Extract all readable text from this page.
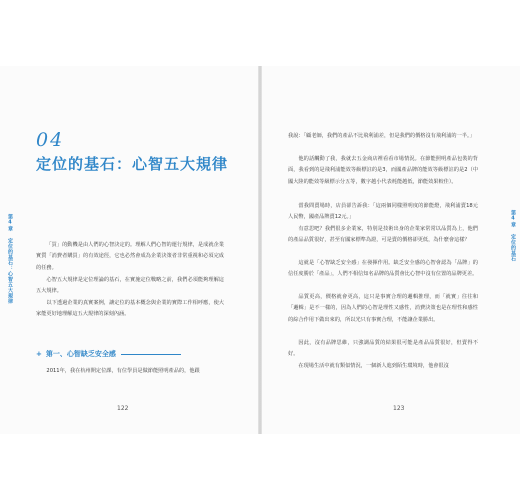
第4章 定位的基石：心智五大規律
04
定位的基石：心智五大規律

「買」的動機是由人們的心智決定的。理解人們心智的運行規律，是成就企業實質「消費者購買」的有效途徑，它也必然會成為企業決策者非常重視和必須完成的任務。

心智五大規律是定位理論的基石，在實施定位戰略之前，我們必須能夠理解這五大規律。

以下透過企業的真實案例，讓定位的基本概念與企業的實際工作相呼應，使大家能更好地理解這五大規律的深刻內涵。

+ 第一、心智缺乏安全感

2011年，我在杭州開定位課，有位學員是做節能照明產品的，他跟

122
第4章 定位的基石

我說：「顧老師，我們的產品不比飛利浦差，但是我們的價格沒有飛利浦的一半。」

他的話觸動了我，我就去五金商店裡看看市場情況。在節能照明產品包裝的背面，我看到的是飛利浦能效等級標註的是3，而國產品牌的能效等級標註的是2（中國大陸的能效等級標示分五等，數字越小代表耗能越低，節能效果較佳）。

當我問賣場時，店員卻告訴我：「這兩個同樣照明度的節能燈，飛利浦賣18元人民幣，國產品牌賣12元。」

有意思吧？我們很多企業家，特別是技術出身的企業家常常以品質為上，他們的產品品質很好，甚至有國家標準為證，可是賣的價格卻更低，為什麼會這樣？

這就是「心智缺乏安全感」在發揮作用。缺乏安全感的心智會認為「品牌」的信任度勝於「產品」，人們不相信知名品牌的品質會比心智中沒有位置的品牌更差。

品質更高，價格就會更高，這只是事實合理的邏輯推理，而「就實」往往和「邏輯」是不一樣的，因為人們的心智是理性又感性，消費決策也是在理性和感性的綜合作用下做出來的，所以光只有事實合理，不能讓企業勝出。

因此，沒有品牌思維，只強調品質的結果很可能是產品品質很好，但賣得不好。

在現場生活中就有類似情況，一個新人進到陌生環境時，他會很沒

123
